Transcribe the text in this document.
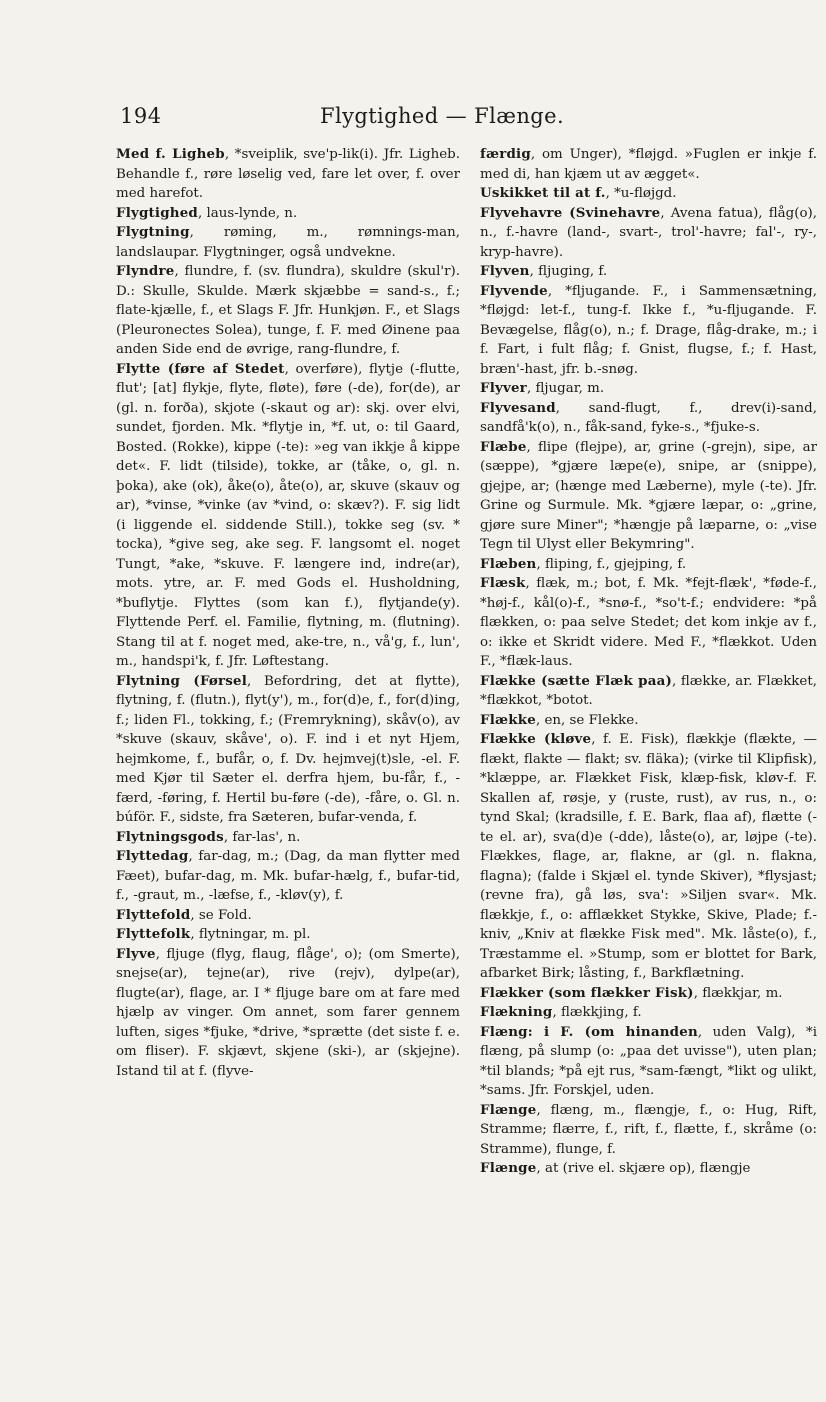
194	Flygtighed — Flænge.
Med f. Ligheb, *sveiplik, sve'p-lik(i). Jfr. Ligheb. Behandle f., røre løselig ved, fare let over, f. over med harefot.
Flygtighed, laus-lynde, n.
Flygtning, røming, m., rømnings-man, landslaupar. Flygtninger, også undvekne.
Flyndre, flundre, f. (sv. flundra), skuldre (skul'r). D.: Skulle, Skulde. Mærk skjæbbe = sand-s., f.; flate-kjælle, f., et Slags F. Jfr. Hunkjøn. F., et Slags (Pleuronectes Solea), tunge, f. F. med Øinene paa anden Side end de øvrige, rang-flundre, f.
Flytte (føre af Stedet, overføre), flytje (-flutte, flut'; [at] flykje, flyte, fløte), føre (-de), for(de), ar (gl. n. forða), skjote (-skaut og ar): skj. over elvi, sundet, fjorden. Mk. *flytje in, *f. ut, o: til Gaard, Bosted. (Rokke), kippe (-te): »eg van ikkje å kippe det«. F. lidt (tilside), tokke, ar (tåke, o, gl. n. þoka), ake (ok), åke(o), åte(o), ar, skuve (skauv og ar), *vinse, *vinke (av *vind, o: skæv?). F. sig lidt (i liggende el. siddende Still.), tokke seg (sv. * tocka), *give seg, ake seg. F. langsomt el. noget Tungt, *ake, *skuve. F. længere ind, indre(ar), mots. ytre, ar. F. med Gods el. Husholdning, *buflytje. Flyttes (som kan f.), flytjande(y). Flyttende Perf. el. Familie, flytning, m. (flutning). Stang til at f. noget med, ake-tre, n., vå'g, f., lun', m., handspi'k, f. Jfr. Løftestang.
Flytning (Førsel, Befordring, det at flytte), flytning, f. (flutn.), flyt(y'), m., for(d)e, f., for(d)ing, f.; liden Fl., tokking, f.; (Fremrykning), skåv(o), av *skuve (skauv, skåve', o). F. ind i et nyt Hjem, hejmkome, f., bufår, o, f. Dv. hejmvej(t)sle, -el. F. med Kjør til Sæter el. derfra hjem, bu-får, f., -færd, -føring, f. Hertil bu-føre (-de), -fåre, o. Gl. n. búför. F., sidste, fra Sæteren, bufar-venda, f.
Flytningsgods, far-las', n.
Flyttedag, far-dag, m.; (Dag, da man flytter med Fæet), bufar-dag, m. Mk. bufar-hælg, f., bufar-tid, f., -graut, m., -læfse, f., -kløv(y), f.
Flyttefold, se Fold.
Flyttefolk, flytningar, m. pl.
Flyve, fljuge (flyg, flaug, flåge', o); (om Smerte), snejse(ar), tejne(ar), rive (rejv), dylpe(ar), flugte(ar), flage, ar. I * fljuge bare om at fare med hjælp av vinger. Om annet, som farer gennem luften, siges *fjuke, *drive, *sprætte (det siste f. e. om fliser). F. skjævt, skjene (ski-), ar (skjejne). Istand til at f. (flyve-
færdig, om Unger), *fløjgd. »Fuglen er inkje f. med di, han kjæm ut av ægget«.
Uskikket til at f., *u-fløjgd.
Flyvehavre (Svinehavre, Avena fatua), flåg(o), n., f.-havre (land-, svart-, trol'-havre; fal'-, ry-, kryp-havre).
Flyven, fljuging, f.
Flyvende, *fljugande. F., i Sammensætning, *fløjgd: let-f., tung-f. Ikke f., *u-fljugande. F. Bevægelse, flåg(o), n.; f. Drage, flåg-drake, m.; i f. Fart, i fult flåg; f. Gnist, flugse, f.; f. Hast, bræn'-hast, jfr. b.-snøg.
Flyver, fljugar, m.
Flyvesand, sand-flugt, f., drev(i)-sand, sandfå'k(o), n., fåk-sand, fyke-s., *fjuke-s.
Flæbe, flipe (flejpe), ar, grine (-grejn), sipe, ar (sæppe), *gjære læpe(e), snipe, ar (snippe), gjejpe, ar; (hænge med Læberne), myle (-te). Jfr. Grine og Surmule. Mk. *gjære læpar, o: „grine, gjøre sure Miner"; *hængje på læparne, o: „vise Tegn til Ulyst eller Bekymring".
Flæben, fliping, f., gjejping, f.
Flæsk, flæk, m.; bot, f. Mk. *fejt-flæk', *føde-f., *høj-f., kål(o)-f., *snø-f., *so't-f.; endvidere: *på flækken, o: paa selve Stedet; det kom inkje av f., o: ikke et Skridt videre. Med F., *flækkot. Uden F., *flæk-laus.
Flække (sætte Flæk paa), flække, ar. Flækket, *flækkot, *botot.
Flække, en, se Flekke.
Flække (kløve, f. E. Fisk), flækkje (flækte, — flækt, flakte — flakt; sv. fläka); (virke til Klipfisk), *klæppe, ar. Flækket Fisk, klæp-fisk, kløv-f. F. Skallen af, røsje, y (ruste, rust), av rus, n., o: tynd Skal; (kradsille, f. E. Bark, flaa af), flætte (-te el. ar), sva(d)e (-dde), låste(o), ar, løjpe (-te). Flækkes, flage, ar, flakne, ar (gl. n. flakna, flagna); (falde i Skjæl el. tynde Skiver), *flysjast; (revne fra), gå løs, sva': »Siljen svar«. Mk. flækkje, f., o: afflækket Stykke, Skive, Plade; f.-kniv, „Kniv at flække Fisk med". Mk. låste(o), f., Træstamme el. »Stump, som er blottet for Bark, afbarket Birk; låsting, f., Barkflætning.
Flækker (som flækker Fisk), flækkjar, m.
Flækning, flækkjing, f.
Flæng: i F. (om hinanden, uden Valg), *i flæng, på slump (o: „paa det uvisse"), uten plan; *til blands; *på ejt rus, *sam-fængt, *likt og ulikt, *sams. Jfr. Forskjel, uden.
Flænge, flæng, m., flængje, f., o: Hug, Rift, Stramme; flærre, f., rift, f., flætte, f., skråme (o: Stramme), flunge, f.
Flænge, at (rive el. skjære op), flængje
